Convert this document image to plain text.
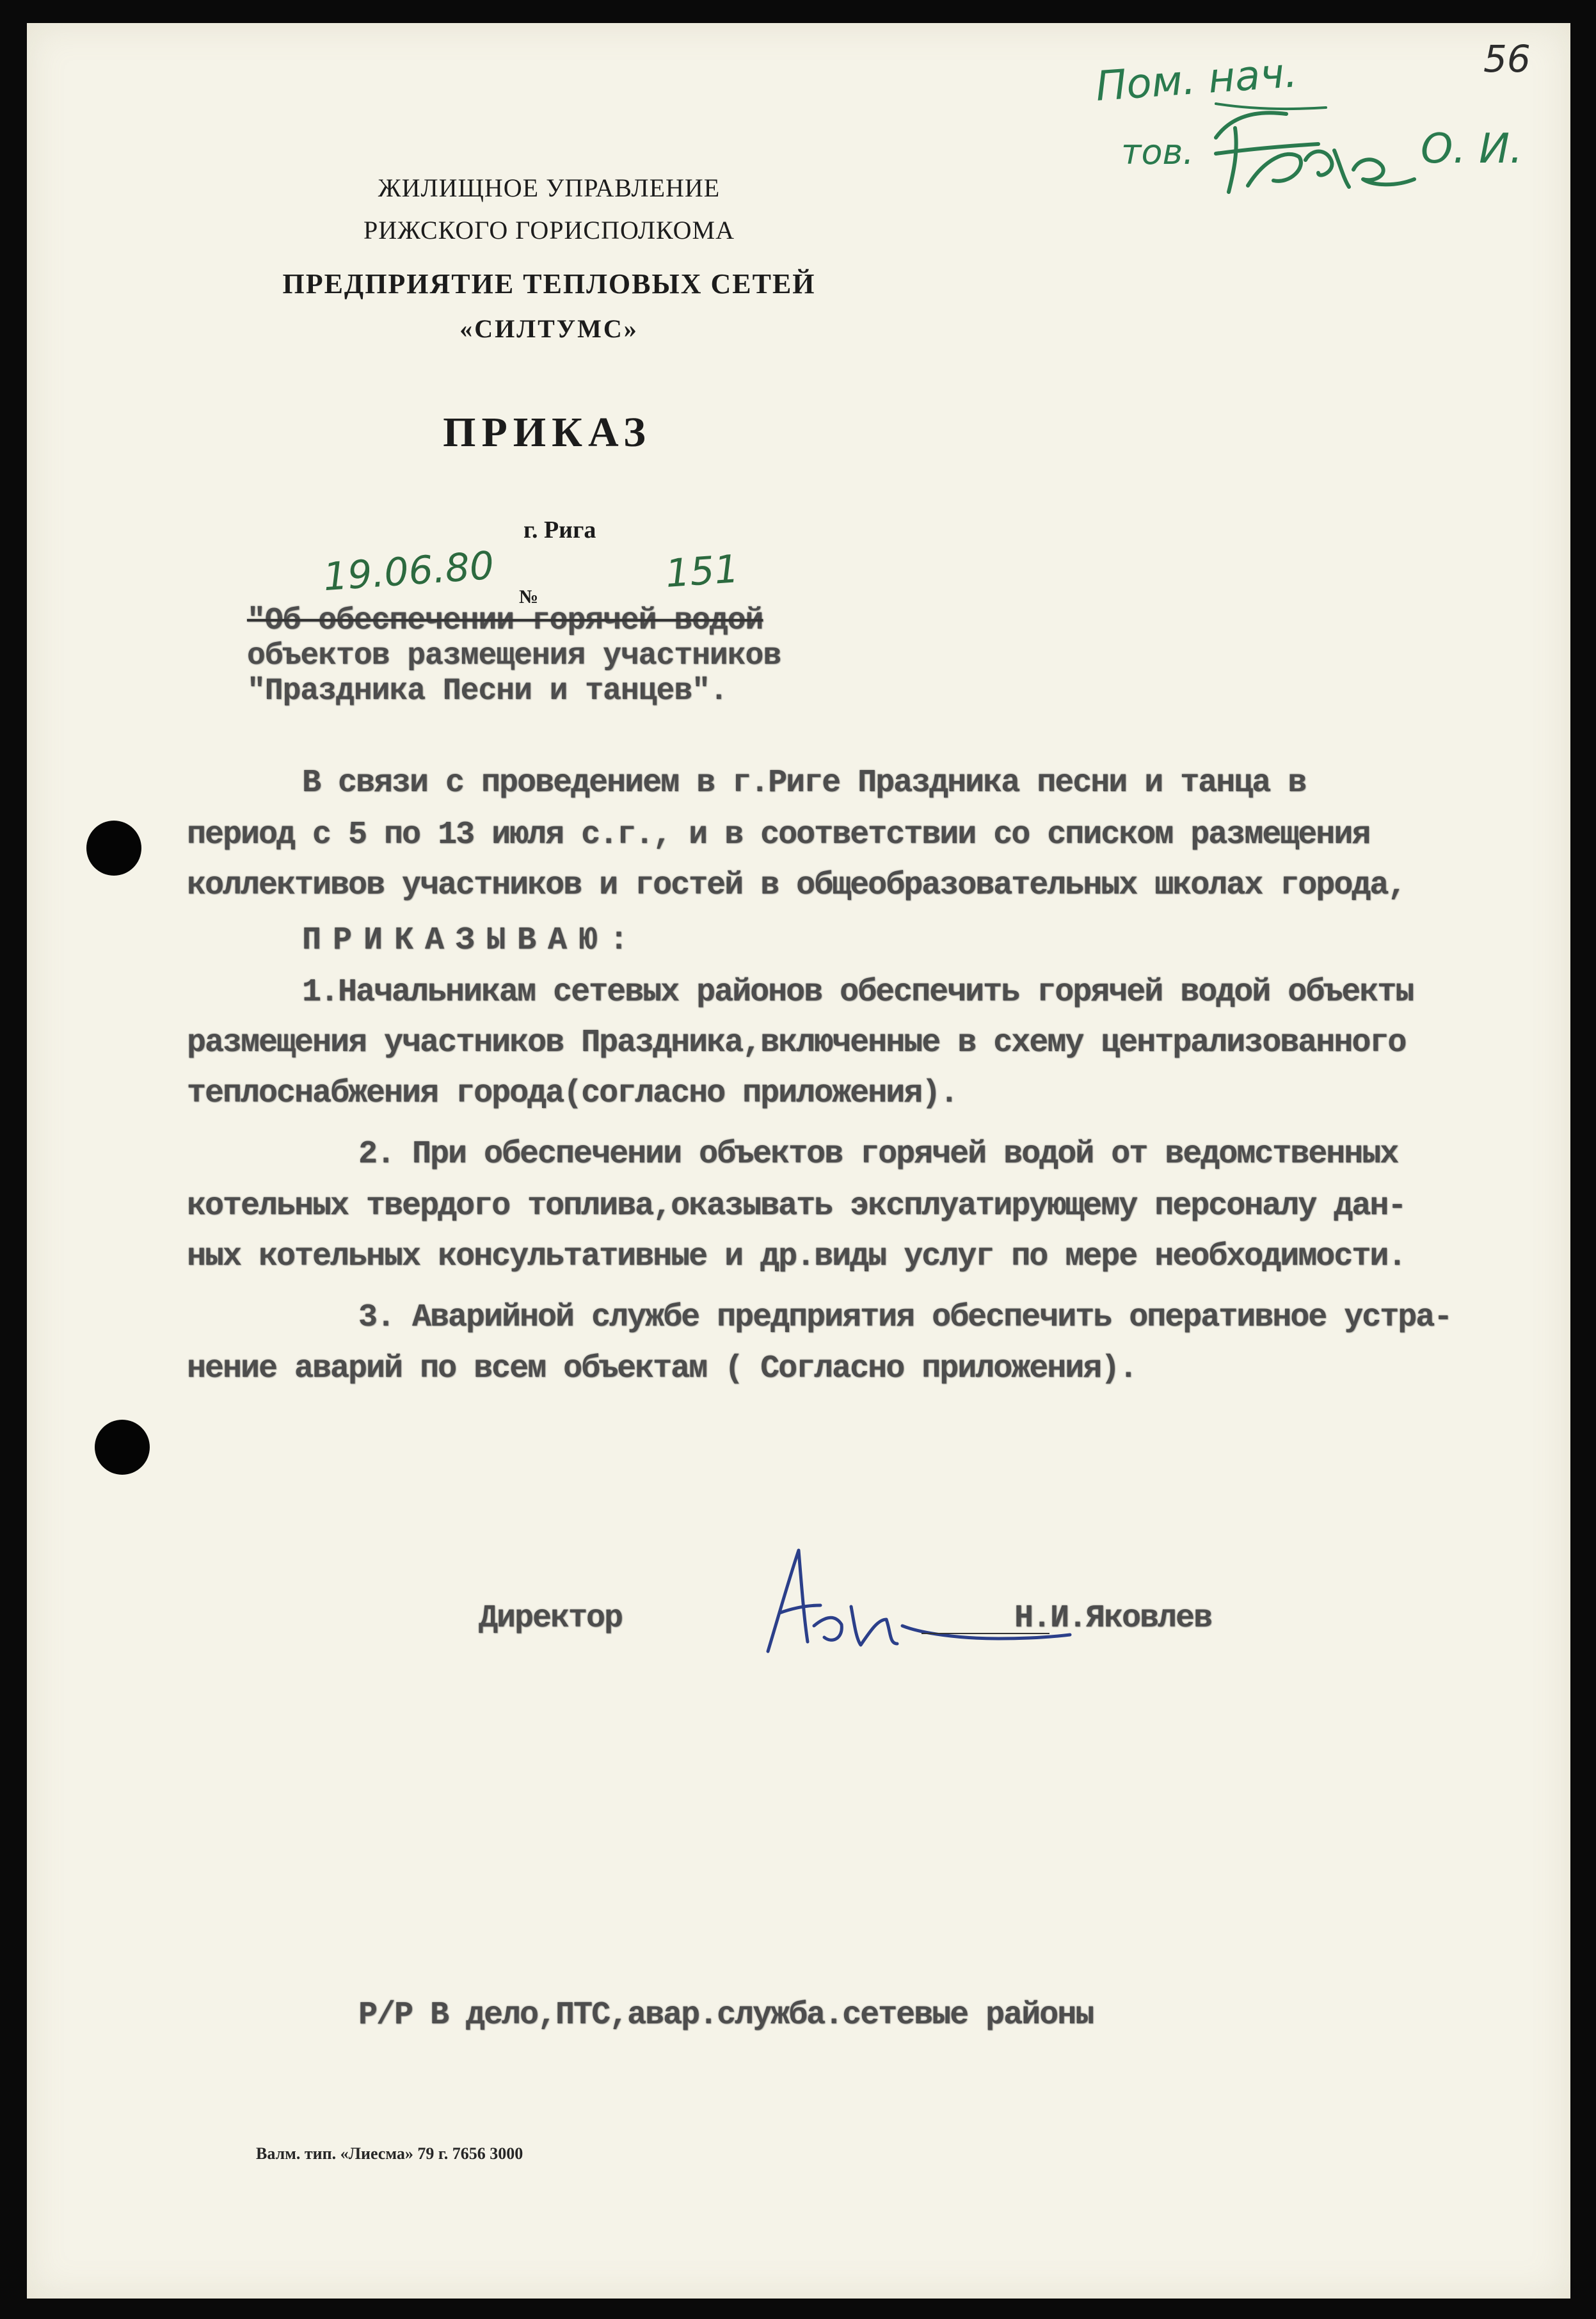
ЖИЛИЩНОЕ УПРАВЛЕНИЕ
РИЖСКОГО ГОРИСПОЛКОМА
ПРЕДПРИЯТИЕ ТЕПЛОВЫХ СЕТЕЙ
«СИЛТУМС»
ПРИКАЗ
г. Рига
№
19.06.80	151
56
Пом. нач.
тов.	О. И.
"Об обеспечении горячей водой
объектов размещения участников
"Праздника Песни и танцев".
В связи с проведением в г.Риге Праздника песни и танца в
период с 5 по 13 июля с.г., и в соответствии со списком размещения
коллективов участников и гостей в общеобразовательных школах города,
ПРИКАЗЫВАЮ:
1.Начальникам сетевых районов обеспечить горячей водой объекты
размещения участников Праздника,включенные в схему централизованного
теплоснабжения города(согласно приложения).
2. При обеспечении объектов горячей водой от ведомственных
котельных твердого топлива,оказывать эксплуатирующему персоналу дан-
ных котельных консультативные и др.виды услуг по мере необходимости.
3. Аварийной службе предприятия обеспечить оперативное устра-
нение аварий по всем объектам ( Согласно приложения).
Директор	Н.И.Яковлев
Р/Р В дело,ПТС,авар.служба.сетевые районы
Валм. тип. «Лиесма» 79 г. 7656 3000
